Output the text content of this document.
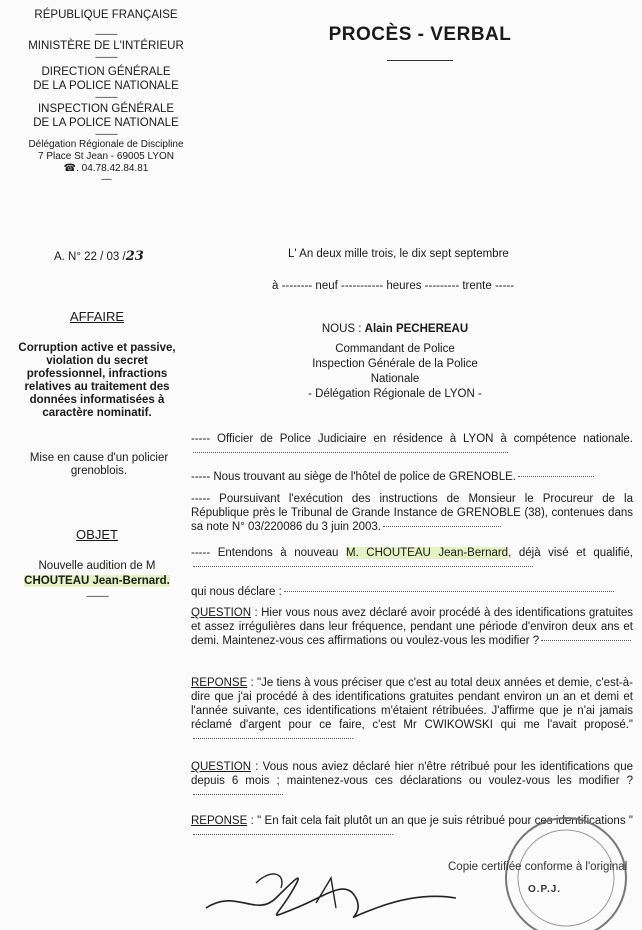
RÉPUBLIQUE FRANÇAISE
-----------
MINISTÈRE DE L'INTÉRIEUR
-----------
DIRECTION GÉNÉRALE
DE LA POLICE NATIONALE
-----------
INSPECTION GÉNÉRALE
DE LA POLICE NATIONALE
-----------
Délégation Régionale de Discipline
7 Place St Jean - 69005 LYON
☎. 04.78.42.84.81
-----
PROCÈS - VERBAL
A. N° 22 / 03 /23	L' An deux mille trois, le dix sept septembre
à -------- neuf ----------- heures --------- trente -----
AFFAIRE
Corruption active et passive, violation du secret professionnel, infractions relatives au traitement des données informatisées à caractère nominatif.
Mise en cause d'un policier grenoblois.
OBJET
Nouvelle audition de M
CHOUTEAU Jean-Bernard.
-----------
NOUS : Alain PECHEREAU
Commandant de Police
Inspection Générale de la Police Nationale
- Délégation Régionale de LYON -
----- Officier de Police Judiciaire en résidence à LYON à compétence nationale.
----- Nous trouvant au siège de l'hôtel de police de GRENOBLE.
----- Poursuivant l'exécution des instructions de Monsieur le Procureur de la République près le Tribunal de Grande Instance de GRENOBLE (38), contenues dans sa note N° 03/220086 du 3 juin 2003.
----- Entendons à nouveau M. CHOUTEAU Jean-Bernard, déjà visé et qualifié,
qui nous déclare :
QUESTION : Hier vous nous avez déclaré avoir procédé à des identifications gratuites et assez irrégulières dans leur fréquence, pendant une période d'environ deux ans et demi. Maintenez-vous ces affirmations ou voulez-vous les modifier ?
REPONSE : "Je tiens à vous préciser que c'est au total deux années et demie, c'est-à-dire que j'ai procédé à des identifications gratuites pendant environ un an et demi et l'année suivante, ces identifications m'étaient rétribuées. J'affirme que je n'ai jamais réclamé d'argent pour ce faire, c'est Mr CWIKOWSKI qui me l'avait proposé."
QUESTION : Vous nous aviez déclaré hier n'être rétribué pour les identifications que depuis 6 mois ; maintenez-vous ces déclarations ou voulez-vous les modifier ?
REPONSE : " En fait cela fait plutôt un an que je suis rétribué pour ces identifications "
Copie certifiée conforme à l'original
O.P.J.
